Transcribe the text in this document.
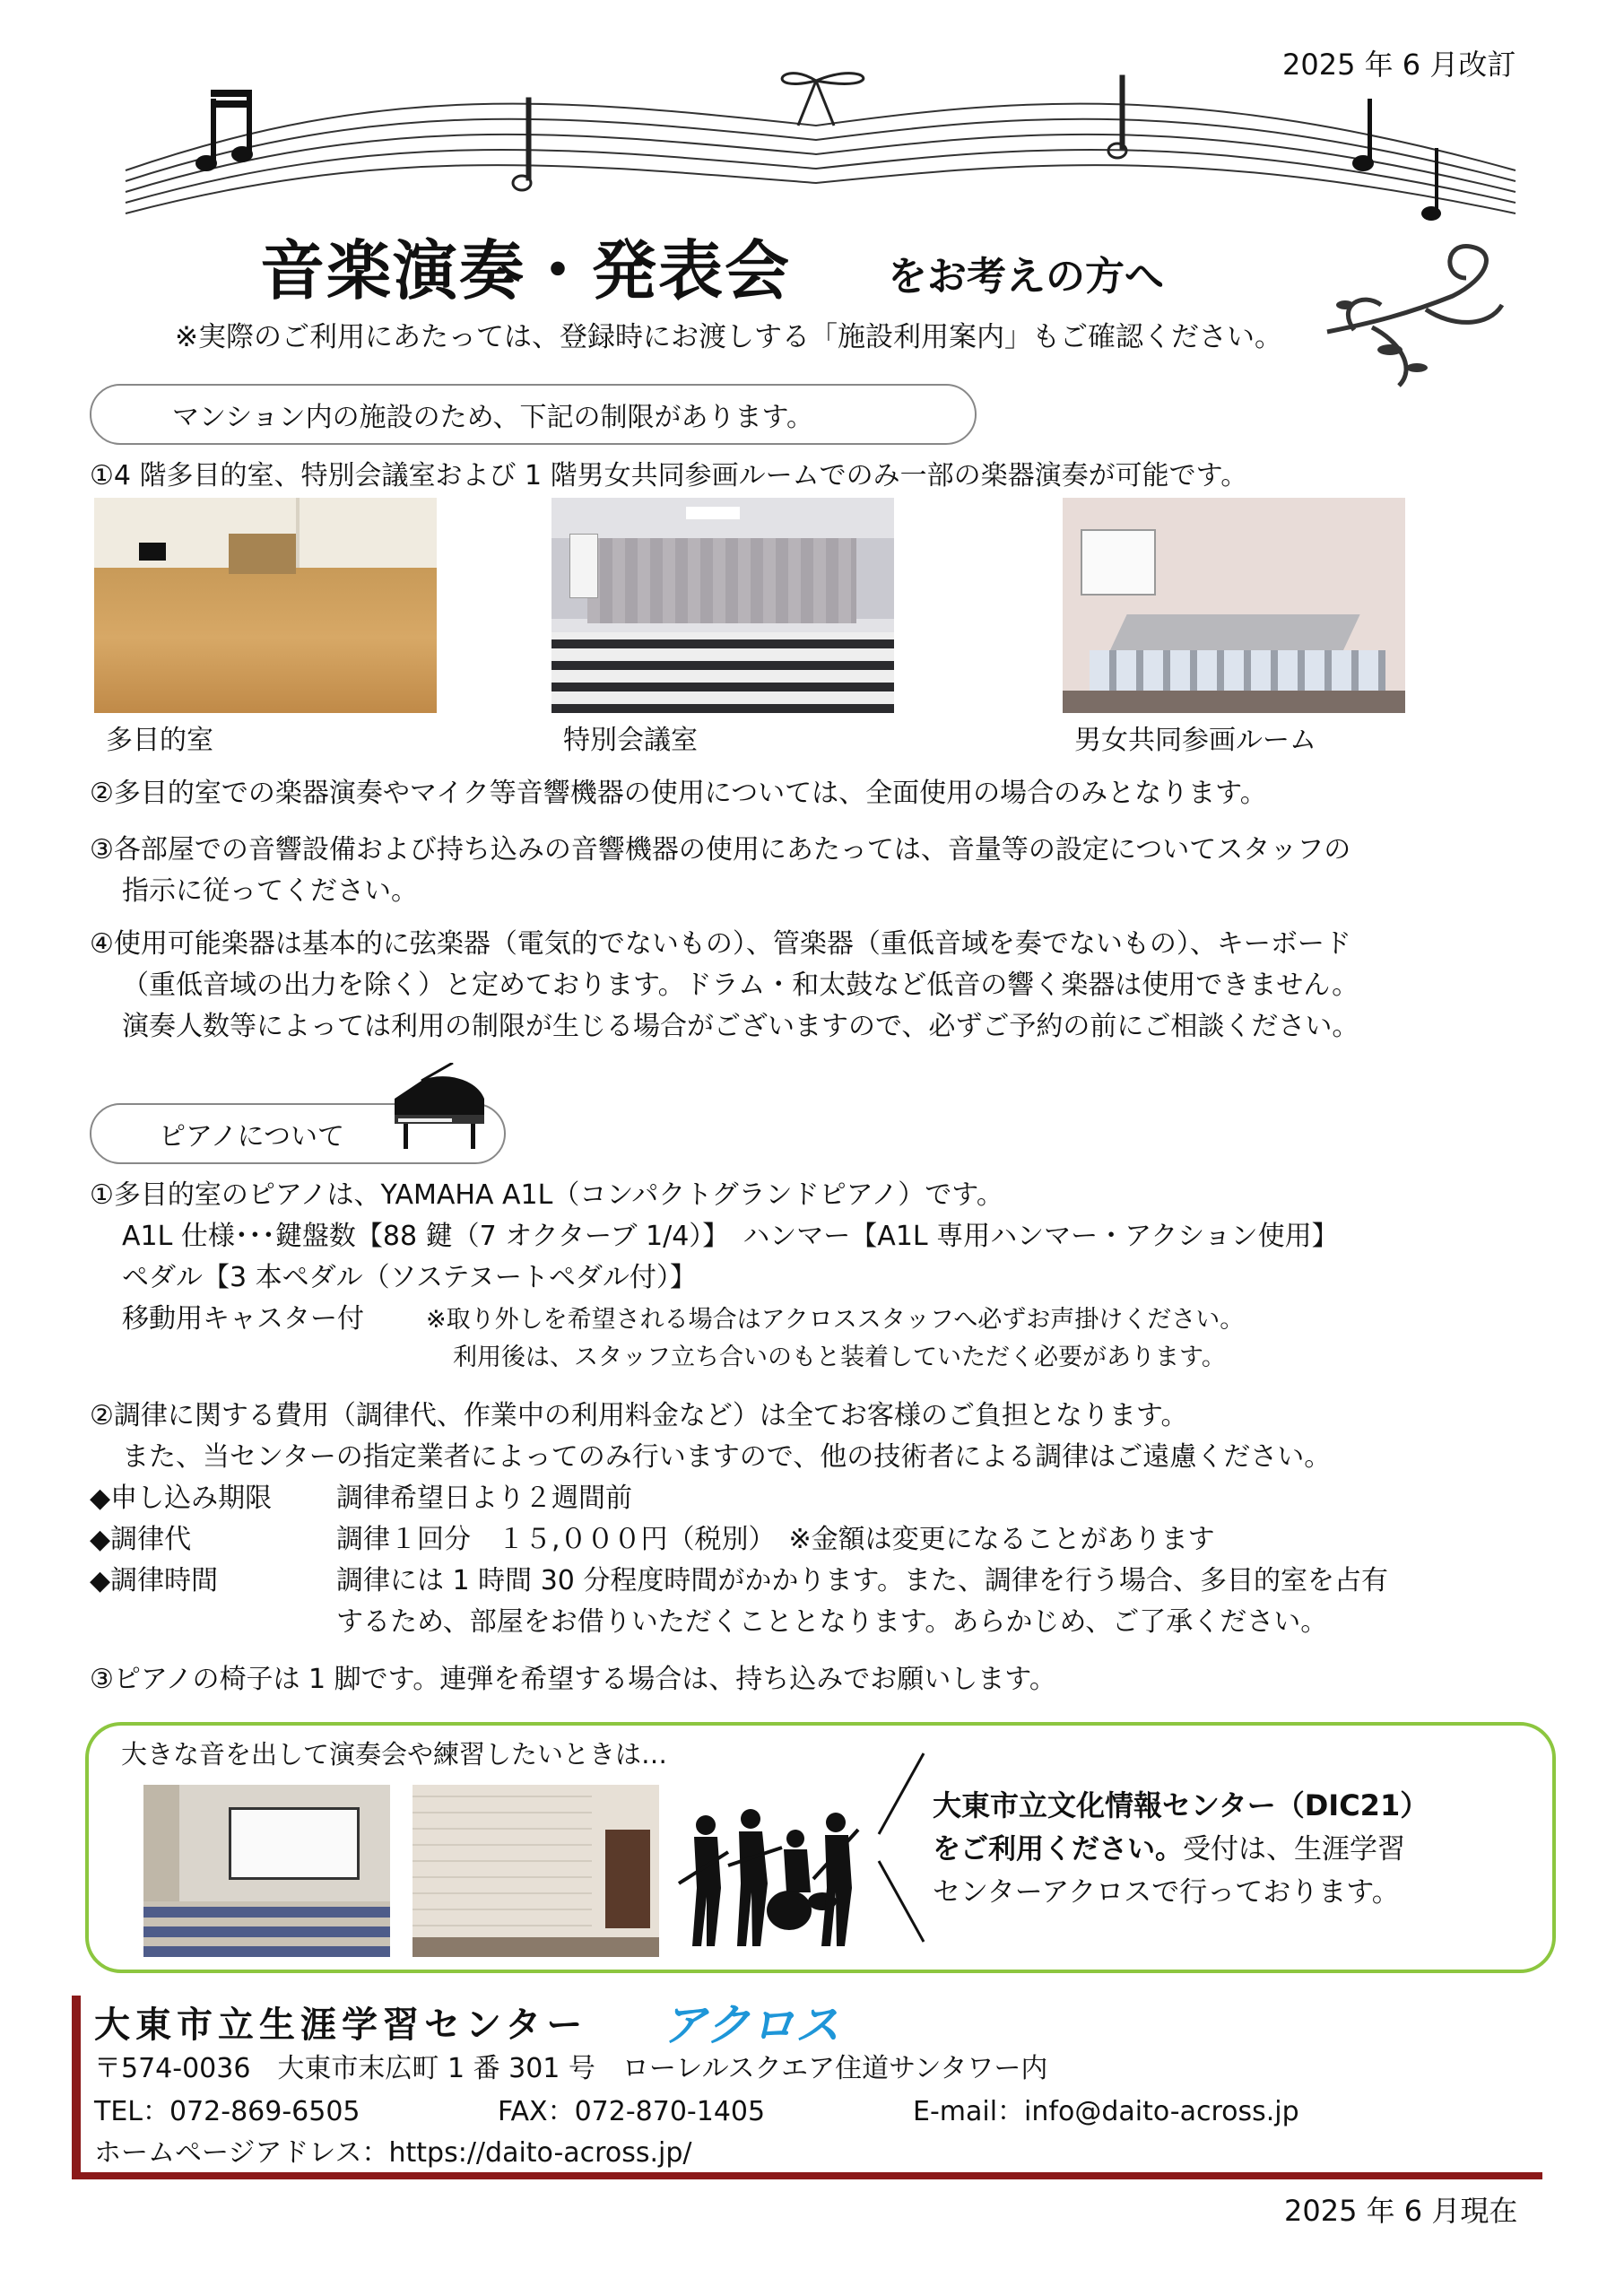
2025 年 6 月改訂
音楽演奏・発表会 をお考えの方へ
※実際のご利用にあたっては、登録時にお渡しする「施設利用案内」もご確認ください。
マンション内の施設のため、下記の制限があります。
①4 階多目的室、特別会議室および 1 階男女共同参画ルームでのみ一部の楽器演奏が可能です。
多目的室	特別会議室	男女共同参画ルーム
②多目的室での楽器演奏やマイク等音響機器の使用については、全面使用の場合のみとなります。
③各部屋での音響設備および持ち込みの音響機器の使用にあたっては、音量等の設定についてスタッフの
指示に従ってください。
④使用可能楽器は基本的に弦楽器（電気的でないもの）、管楽器（重低音域を奏でないもの）、キーボード
（重低音域の出力を除く）と定めております。ドラム・和太鼓など低音の響く楽器は使用できません。
演奏人数等によっては利用の制限が生じる場合がございますので、必ずご予約の前にご相談ください。
ピアノについて
①多目的室のピアノは、YAMAHA A1L（コンパクトグランドピアノ）です。
A1L 仕様･･･鍵盤数【88 鍵（7 オクターブ 1/4）】　ハンマー【A1L 専用ハンマー・アクション使用】
ペダル【3 本ペダル（ソステヌートペダル付）】
移動用キャスター付	※取り外しを希望される場合はアクロススタッフへ必ずお声掛けください。
利用後は、スタッフ立ち合いのもと装着していただく必要があります。
②調律に関する費用（調律代、作業中の利用料金など）は全てお客様のご負担となります。
また、当センターの指定業者によってのみ行いますので、他の技術者による調律はご遠慮ください。
◆申し込み期限 調律希望日より２週間前
◆調律代	調律１回分　１５,０００円（税別）　※金額は変更になることがあります
◆調律時間	調律には 1 時間 30 分程度時間がかかります。また、調律を行う場合、多目的室を占有
するため、部屋をお借りいただくこととなります。あらかじめ、ご了承ください。
③ピアノの椅子は 1 脚です。連弾を希望する場合は、持ち込みでお願いします。
大きな音を出して演奏会や練習したいときは…
大東市立文化情報センター（DIC21）
をご利用ください。受付は、生涯学習
センターアクロスで行っております。
大東市立生涯学習センター アクロス
〒574-0036　大東市末広町 1 番 301 号　ローレルスクエア住道サンタワー内
TEL：072-869-6505	FAX：072-870-1405	E-mail：info@daito-across.jp
ホームページアドレス：https://daito-across.jp/
2025 年 6 月現在
